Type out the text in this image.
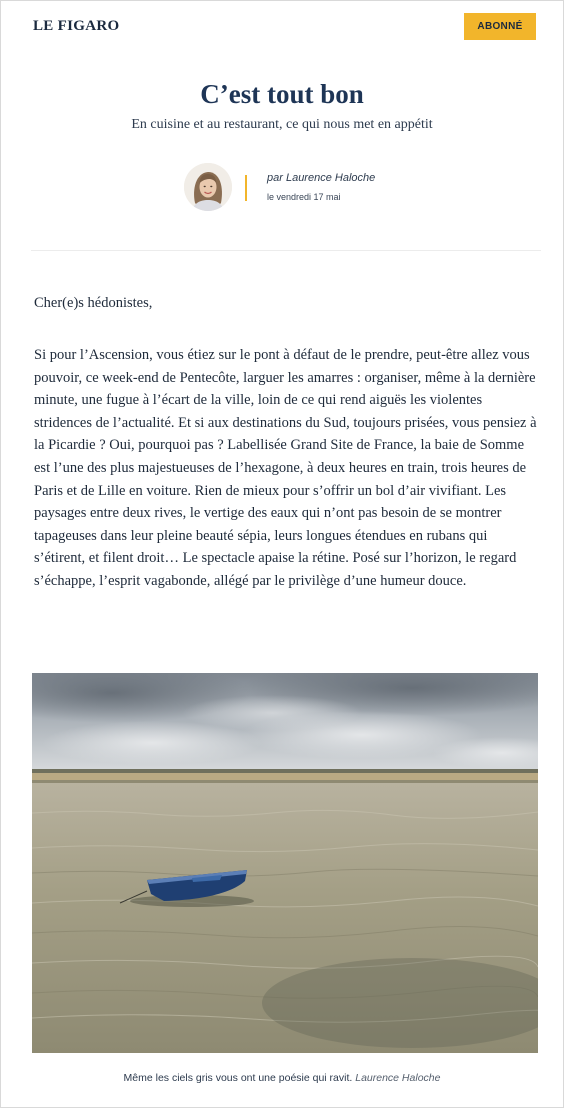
LE FIGARO	ABONNÉ
C’est tout bon
En cuisine et au restaurant, ce qui nous met en appétit
par Laurence Haloche
le vendredi 17 mai

Cher(e)s hédonistes,

Si pour l’Ascension, vous étiez sur le pont à défaut de le prendre, peut-être allez vous pouvoir, ce week-end de Pentecôte, larguer les amarres : organiser, même à la dernière minute, une fugue à l’écart de la ville, loin de ce qui rend aiguës les violentes stridences de l’actualité. Et si aux destinations du Sud, toujours prisées, vous pensiez à la Picardie ? Oui, pourquoi pas ? Labellisée Grand Site de France, la baie de Somme est l’une des plus majestueuses de l’hexagone, à deux heures en train, trois heures de Paris et de Lille en voiture. Rien de mieux pour s’offrir un bol d’air vivifiant. Les paysages entre deux rives, le vertige des eaux qui n’ont pas besoin de se montrer tapageuses dans leur pleine beauté sépia, leurs longues étendues en rubans qui s’étirent, et filent droit… Le spectacle apaise la rétine. Posé sur l’horizon, le regard s’échappe, l’esprit vagabonde, allégé par le privilège d’une humeur douce.

Même les ciels gris vous ont une poésie qui ravit. Laurence Haloche
